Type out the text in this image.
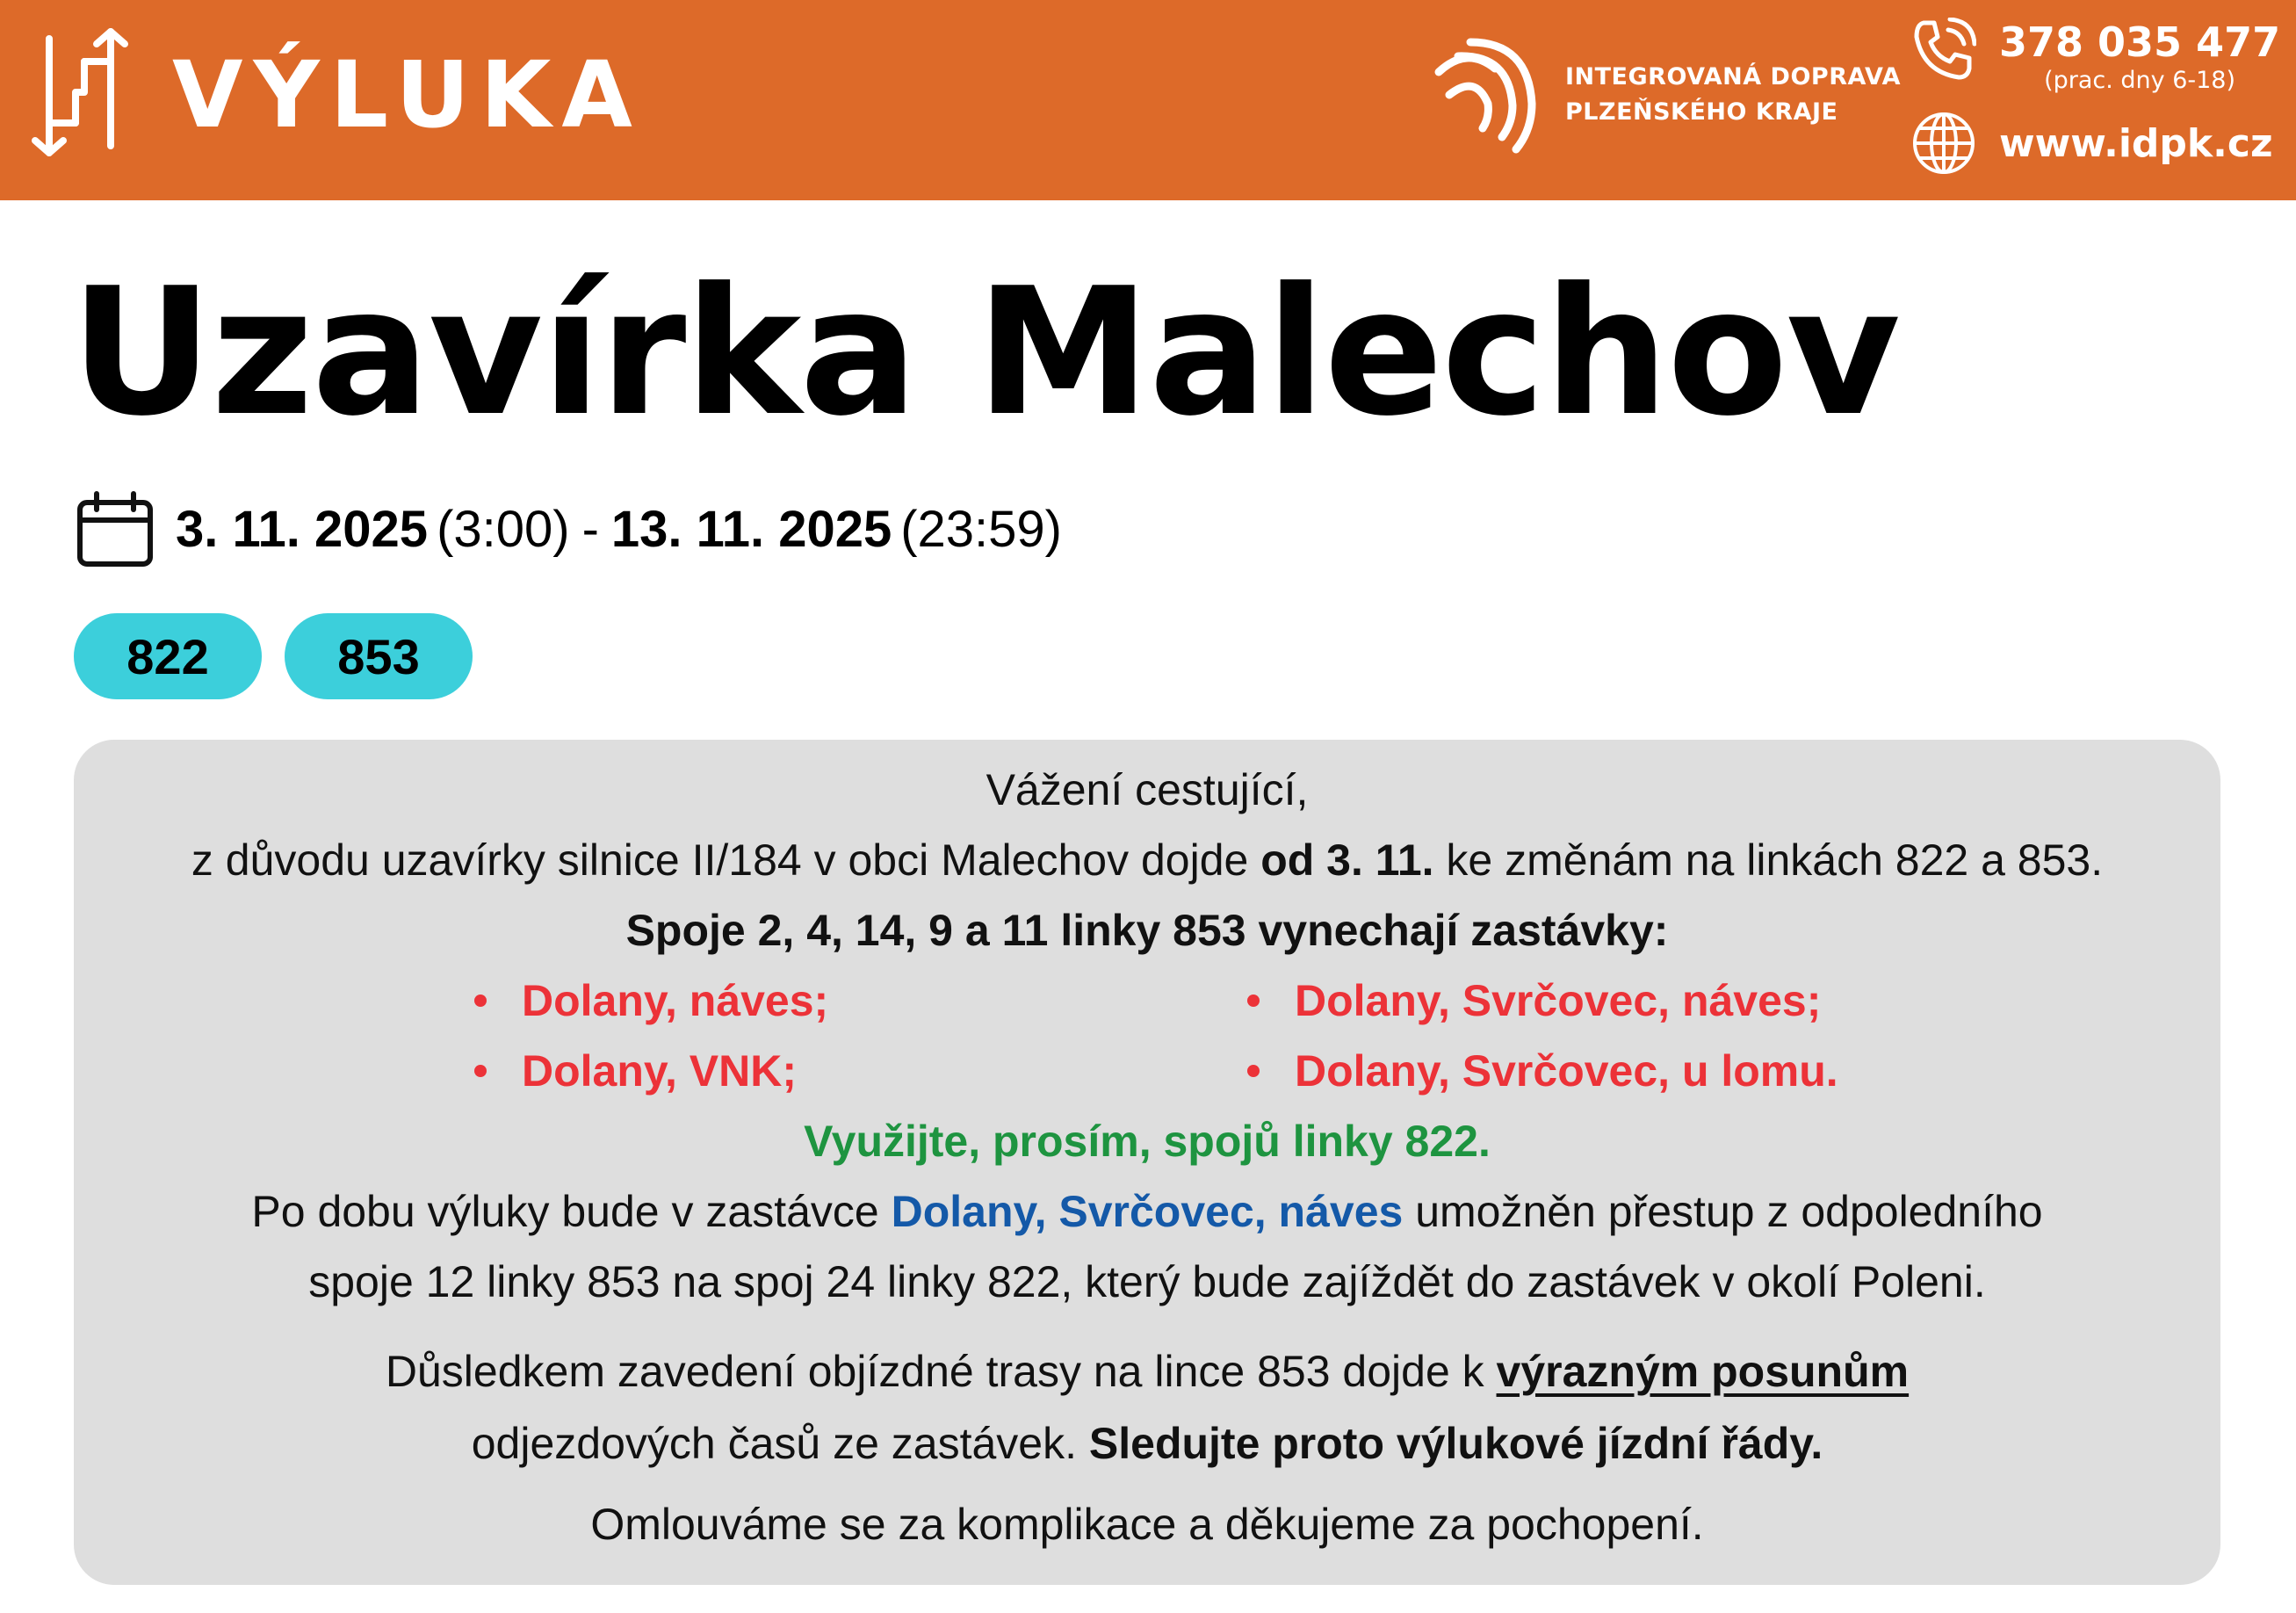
VÝLUKA	INTEGROVANÁ DOPRAVA
PLZEŇSKÉHO KRAJE
378 035 477
(prac. dny 6-18)
www.idpk.cz
Uzavírka Malechov
3. 11. 2025 (3:00) - 13. 11. 2025 (23:59)
822	853
Vážení cestující,
z důvodu uzavírky silnice II/184 v obci Malechov dojde od 3. 11. ke změnám na linkách 822 a 853.
Spoje 2, 4, 14, 9 a 11 linky 853 vynechají zastávky:
Dolany, náves;
Dolany, VNK;
Dolany, Svrčovec, náves;
Dolany, Svrčovec, u lomu.
Využijte, prosím, spojů linky 822.
Po dobu výluky bude v zastávce Dolany, Svrčovec, náves umožněn přestup z odpoledního
spoje 12 linky 853 na spoj 24 linky 822, který bude zajíždět do zastávek v okolí Poleni.
Důsledkem zavedení objízdné trasy na lince 853 dojde k výrazným posunům
odjezdových časů ze zastávek. Sledujte proto výlukové jízdní řády.
Omlouváme se za komplikace a děkujeme za pochopení.
